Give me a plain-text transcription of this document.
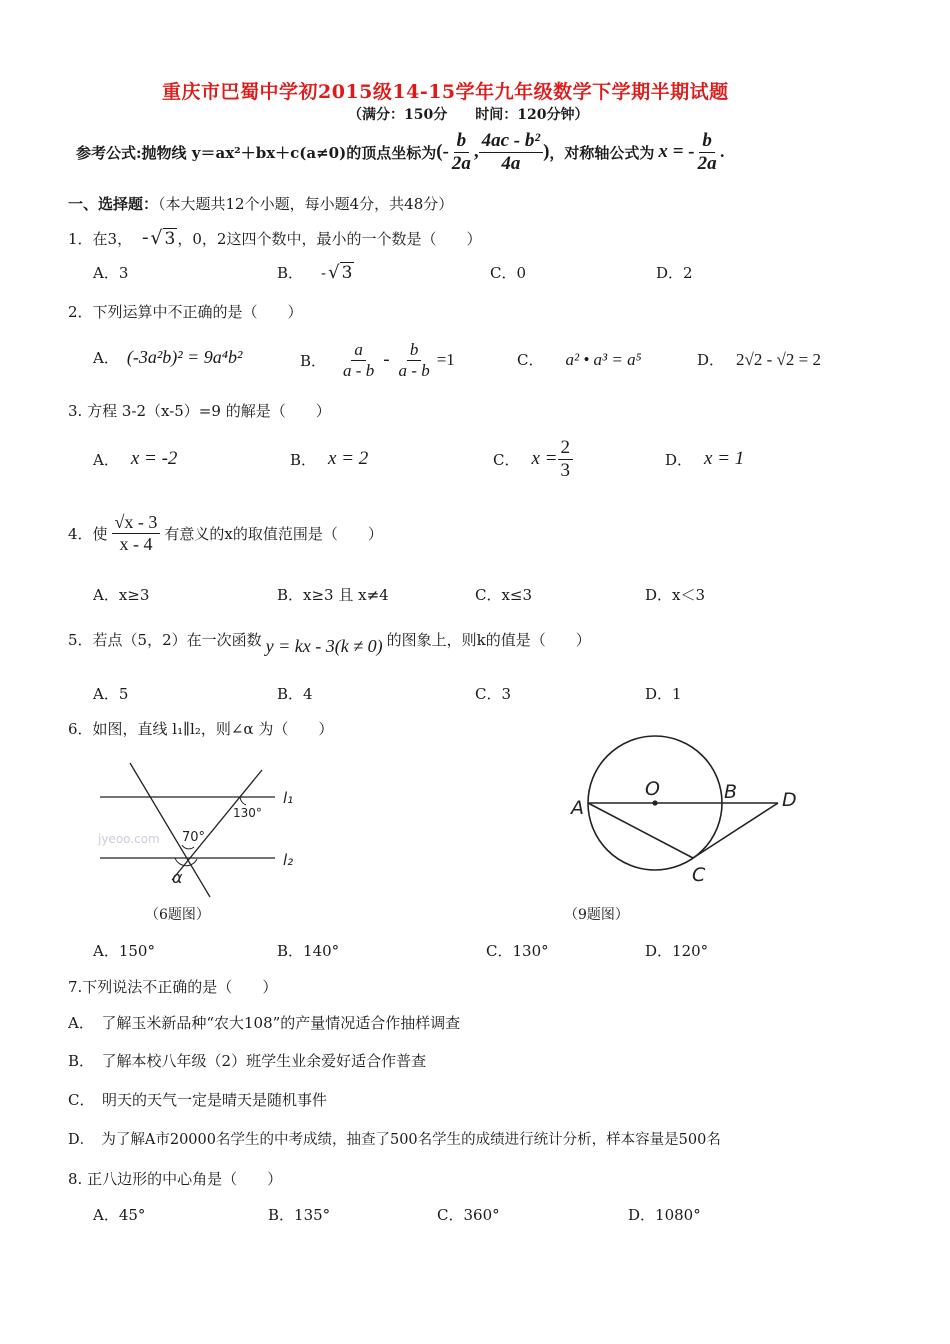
重庆市巴蜀中学初2015级14-15学年九年级数学下学期半期试题
（满分：150分　　时间：120分钟）
参考公式:抛物线 y＝ax²＋bx＋c(a≠0)的顶点坐标为 (- $\frac{b}{2a}$ , $\frac{\text{4ac - b²}}{4a}$ ) ，对称轴公式为 x = - $\frac{b}{2a}$ .
一、选择题：（本大题共12个小题，每小题4分，共48分）
1．在3， - √ 3 ，0，2这四个数中，最小的一个数是（　　）
A．3	B． - √ 3	C．0	D．2
2．下列运算中不正确的是（　　）
A． (-3a²b)² = 9a⁴b²	B． $\frac{a}{a - b} - \frac{b}{a - b} =1$	C． a² • a³ = a⁵	D． 2√2 - √2 = 2
3. 方程 3-2（x-5）=9 的解是（　　）
A． x = -2	B． x = 2	C． $x = \frac{2}{3}$	D． x = 1
4．使 $\frac{√x - 3}{x - 4}$ 有意义的x的取值范围是（　　）
A．x≥3	B．x≥3 且 x≠4	C．x≤3	D．x＜3
5．若点（5，2）在一次函数 y = kx - 3(k ≠ 0) 的图象上，则k的值是（　　）
A．5	B．4	C．3	D．1
6．如图，直线 l₁∥l₂，则∠α 为（　　）
jyeoo.com
l₁
l₂
130°
70°
α
（6题图）
A
O	B D
C
（9题图）
A．150°	B．140°	C．130°	D．120°
7.下列说法不正确的是（　　）
A．　了解玉米新品种“农大108”的产量情况适合作抽样调查
B．　了解本校八年级（2）班学生业余爱好适合作普查
C．　明天的天气一定是晴天是随机事件
D．　为了解A市20000名学生的中考成绩，抽查了500名学生的成绩进行统计分析，样本容量是500名
8. 正八边形的中心角是（　　）
A．45°	B．135°	C．360°	D．1080°
